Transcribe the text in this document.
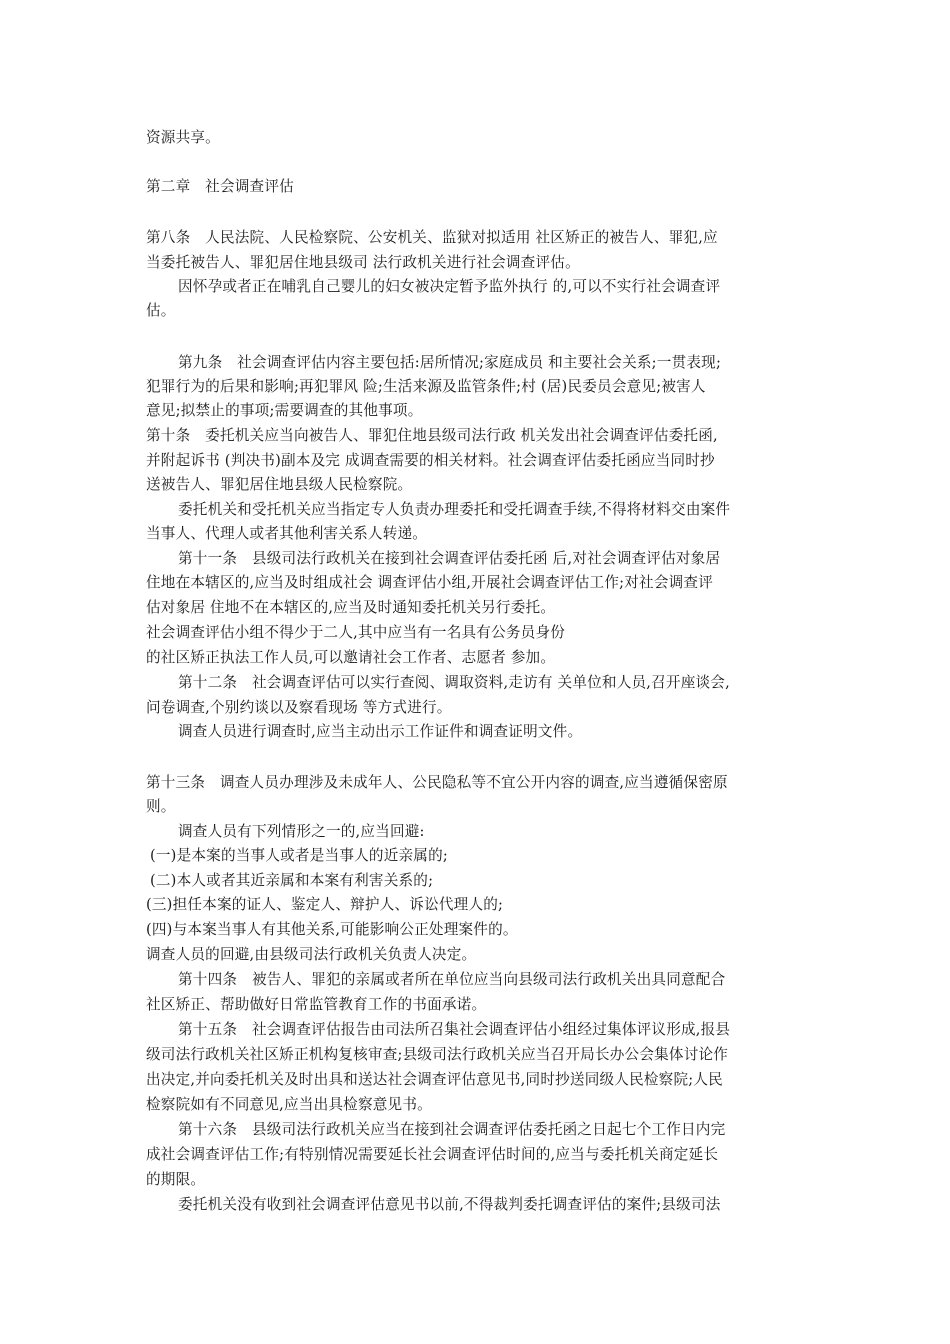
资源共享。
第二章　社会调查评估
第八条　人民法院、人民检察院、公安机关、监狱对拟适用 社区矫正的被告人、罪犯,应
当委托被告人、罪犯居住地县级司 法行政机关进行社会调查评估。
因怀孕或者正在哺乳自己婴儿的妇女被决定暂予监外执行 的,可以不实行社会调查评
估。
第九条　社会调查评估内容主要包括:居所情况;家庭成员 和主要社会关系;一贯表现;
犯罪行为的后果和影响;再犯罪风 险;生活来源及监管条件;村 (居)民委员会意见;被害人
意见;拟禁止的事项;需要调查的其他事项。
第十条　委托机关应当向被告人、罪犯住地县级司法行政 机关发出社会调查评估委托函,
并附起诉书 (判决书)副本及完 成调查需要的相关材料。社会调查评估委托函应当同时抄
送被告人、罪犯居住地县级人民检察院。
委托机关和受托机关应当指定专人负责办理委托和受托调查手续,不得将材料交由案件
当事人、代理人或者其他利害关系人转递。
第十一条　县级司法行政机关在接到社会调查评估委托函 后,对社会调查评估对象居
住地在本辖区的,应当及时组成社会 调查评估小组,开展社会调查评估工作;对社会调查评
估对象居 住地不在本辖区的,应当及时通知委托机关另行委托。
社会调查评估小组不得少于二人,其中应当有一名具有公务员身份
的社区矫正执法工作人员,可以邀请社会工作者、志愿者 参加。
第十二条　社会调查评估可以实行查阅、调取资料,走访有 关单位和人员,召开座谈会,
问卷调查,个别约谈以及察看现场 等方式进行。
调查人员进行调查时,应当主动出示工作证件和调查证明文件。
第十三条　调查人员办理涉及未成年人、公民隐私等不宜公开内容的调查,应当遵循保密原
则。
调查人员有下列情形之一的,应当回避:
(一)是本案的当事人或者是当事人的近亲属的;
(二)本人或者其近亲属和本案有利害关系的;
(三)担任本案的证人、鉴定人、辩护人、诉讼代理人的;
(四)与本案当事人有其他关系,可能影响公正处理案件的。
调查人员的回避,由县级司法行政机关负责人决定。
第十四条　被告人、罪犯的亲属或者所在单位应当向县级司法行政机关出具同意配合
社区矫正、帮助做好日常监管教育工作的书面承诺。
第十五条　社会调查评估报告由司法所召集社会调查评估小组经过集体评议形成,报县
级司法行政机关社区矫正机构复核审查;县级司法行政机关应当召开局长办公会集体讨论作
出决定,并向委托机关及时出具和送达社会调查评估意见书,同时抄送同级人民检察院;人民
检察院如有不同意见,应当出具检察意见书。
第十六条　县级司法行政机关应当在接到社会调查评估委托函之日起七个工作日内完
成社会调查评估工作;有特别情况需要延长社会调查评估时间的,应当与委托机关商定延长
的期限。
委托机关没有收到社会调查评估意见书以前,不得裁判委托调查评估的案件;县级司法
